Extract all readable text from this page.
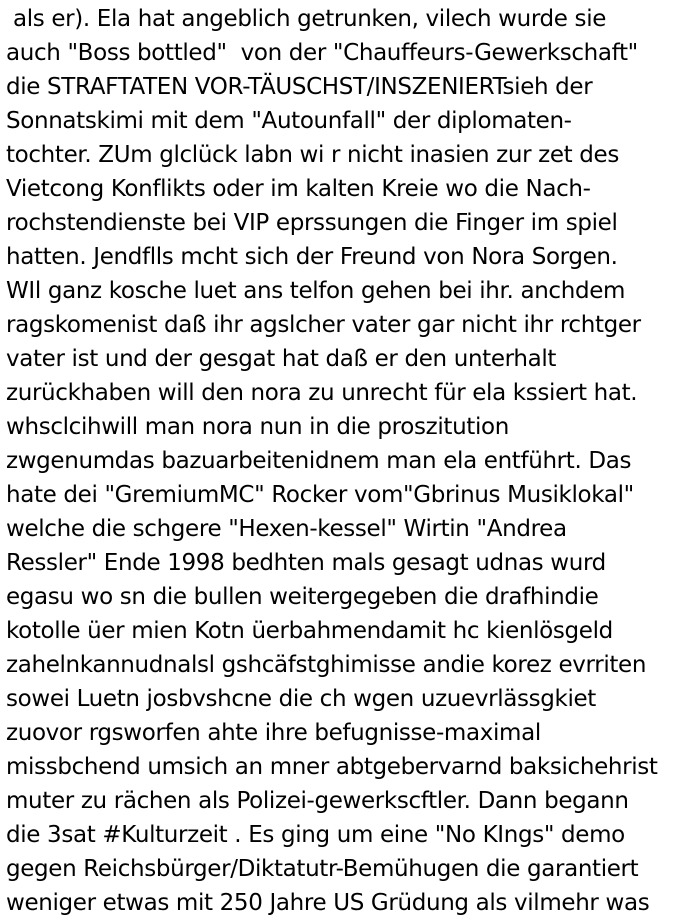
als er). Ela hat angeblich getrunken, vilech wurde sie
auch "Boss bottled"  von der "Chauffeurs-Gewerkschaft"
die STRAFTATEN VOR-TÄUSCHST/INSZENIERTsieh der
Sonnatskimi mit dem "Autounfall" der diplomaten-
tochter. ZUm glclück labn wi r nicht inasien zur zet des
Vietcong Konflikts oder im kalten Kreie wo die Nach-
rochstendienste bei VIP eprssungen die Finger im spiel
hatten. Jendflls mcht sich der Freund von Nora Sorgen.
WIl ganz kosche luet ans telfon gehen bei ihr. anchdem
ragskomenist daß ihr agslcher vater gar nicht ihr rchtger
vater ist und der gesgat hat daß er den unterhalt
zurückhaben will den nora zu unrecht für ela kssiert hat.
whsclcihwill man nora nun in die proszitution
zwgenumdas bazuarbeitenidnem man ela entführt. Das
hate dei "GremiumMC" Rocker vom"Gbrinus Musiklokal"
welche die schgere "Hexen-kessel" Wirtin "Andrea
Ressler" Ende 1998 bedhten mals gesagt udnas wurd
egasu wo sn die bullen weitergegeben die drafhindie
kotolle üer mien Kotn üerbahmendamit hc kienlösgeld
zahelnkannudnalsl gshcäfstghimisse andie korez evrriten
sowei Luetn josbvshcne die ch wgen uzuevrlässgkiet
zuovor rgsworfen ahte ihre befugnisse-maximal
missbchend umsich an mner abtgebervarnd baksichehrist
muter zu rächen als Polizei-gewerkscftler. Dann begann
die 3sat #Kulturzeit . Es ging um eine "No KIngs" demo
gegen Reichsbürger/Diktatutr-Bemühugen die garantiert
weniger etwas mit 250 Jahre US Grüdung als vilmehr was
